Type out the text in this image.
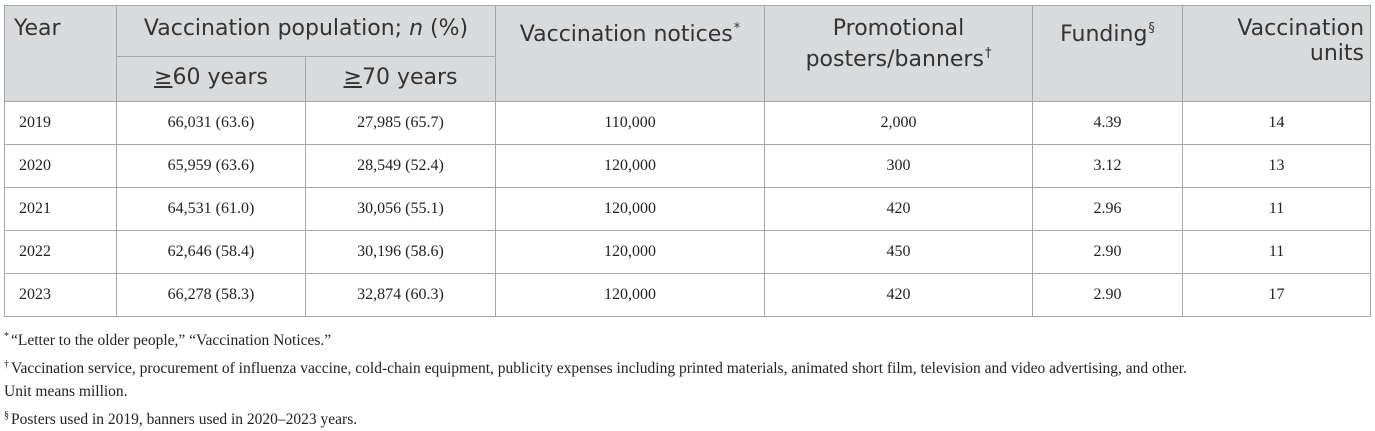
Year	Vaccination population; n (%)		Vaccination notices*	Promotional posters/banners†	Funding§	Vaccination units
	≥60 years	≥70 years				
2019	66,031 (63.6)	27,985 (65.7)	110,000	2,000	4.39	14
2020	65,959 (63.6)	28,549 (52.4)	120,000	300	3.12	13
2021	64,531 (61.0)	30,056 (55.1)	120,000	420	2.96	11
2022	62,646 (58.4)	30,196 (58.6)	120,000	450	2.90	11
2023	66,278 (58.3)	32,874 (60.3)	120,000	420	2.90	17

* “Letter to the older people,” “Vaccination Notices.”

† Vaccination service, procurement of influenza vaccine, cold-chain equipment, publicity expenses including printed materials, animated short film, television and video advertising, and other.

Unit means million.

§ Posters used in 2019, banners used in 2020–2023 years.
